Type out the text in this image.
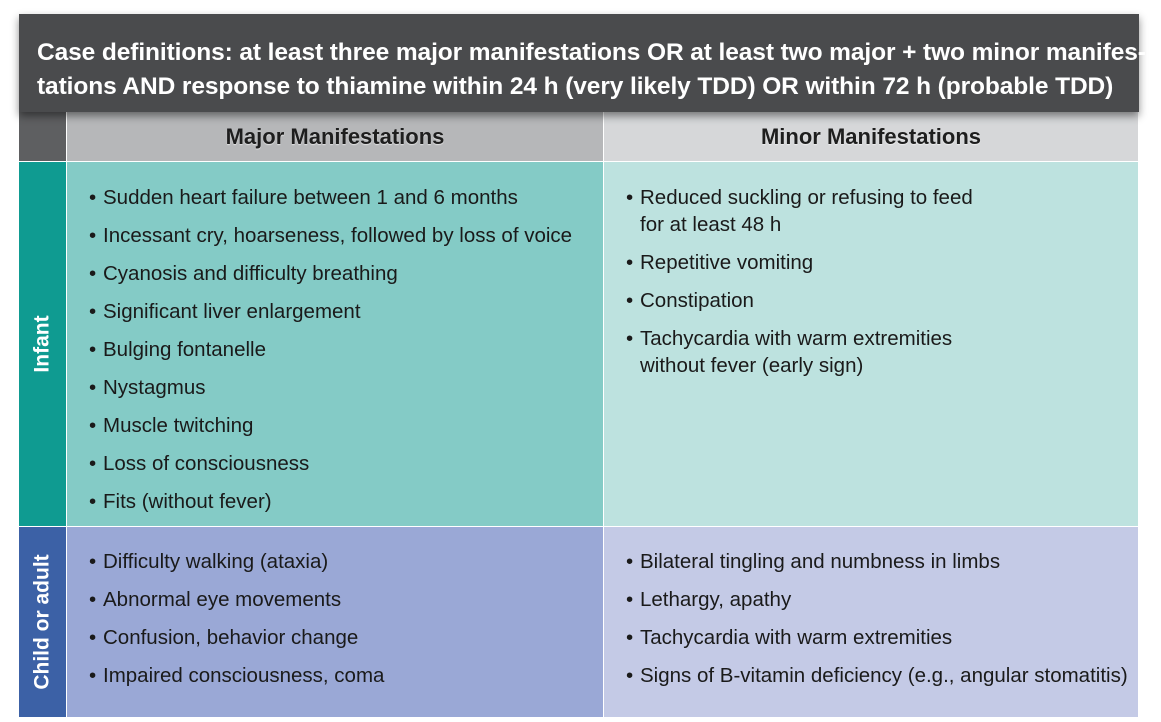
Case definitions: at least three major manifestations OR at least two major + two minor manifes-
tations AND response to thiamine within 24 h (very likely TDD) OR within 72 h (probable TDD)
Major Manifestations	Minor Manifestations
Infant
• Sudden heart failure between 1 and 6 months
• Incessant cry, hoarseness, followed by loss of voice
• Cyanosis and difficulty breathing
• Significant liver enlargement
• Bulging fontanelle
• Nystagmus
• Muscle twitching
• Loss of consciousness
• Fits (without fever)
• Reduced suckling or refusing to feed
for at least 48 h
• Repetitive vomiting
• Constipation
• Tachycardia with warm extremities
without fever (early sign)
Child or adult
•	Difficulty walking (ataxia)
• Abnormal eye movements
• Confusion, behavior change
• Impaired consciousness, coma
• Bilateral tingling and numbness in limbs
• Lethargy, apathy
• Tachycardia with warm extremities
• Signs of B-vitamin deficiency (e.g., angular stomatitis)
